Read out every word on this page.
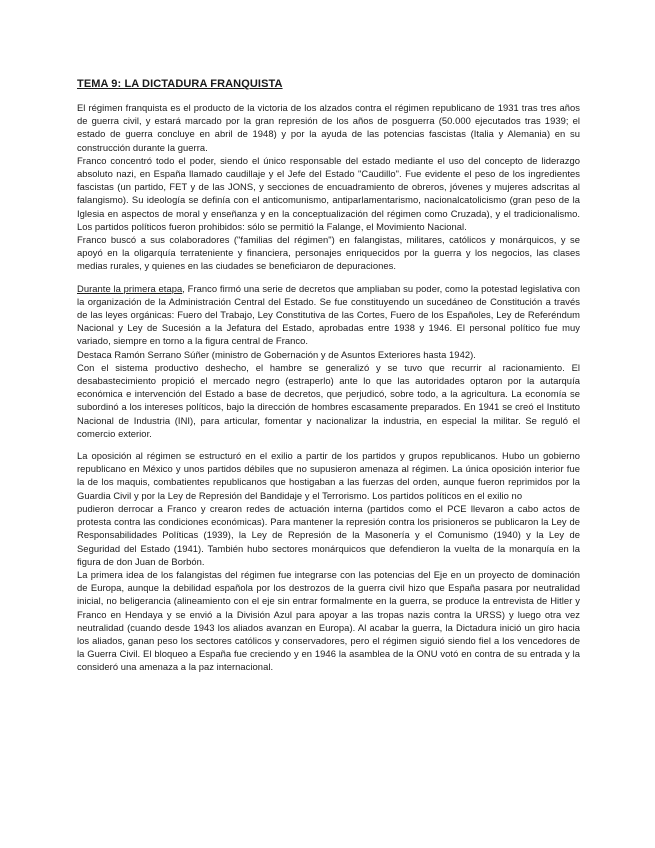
TEMA 9: LA DICTADURA FRANQUISTA

El régimen franquista es el producto de la victoria de los alzados contra el régimen republicano de 1931 tras tres años de guerra civil, y estará marcado por la gran represión de los años de posguerra (50.000 ejecutados tras 1939; el estado de guerra concluye en abril de 1948) y por la ayuda de las potencias fascistas (Italia y Alemania) en su construcción durante la guerra.

Franco concentró todo el poder, siendo el único responsable del estado mediante el uso del concepto de liderazgo absoluto nazi, en España llamado caudillaje y el Jefe del Estado "Caudillo". Fue evidente el peso de los ingredientes fascistas (un partido, FET y de las JONS, y secciones de encuadramiento de obreros, jóvenes y mujeres adscritas al falangismo). Su ideología se definía con el anticomunismo, antiparlamentarismo, nacionalcatolicismo (gran peso de la Iglesia en aspectos de moral y enseñanza y en la conceptualización del régimen como Cruzada), y el tradicionalismo. Los partidos políticos fueron prohibidos: sólo se permitió la Falange, el Movimiento Nacional.

Franco buscó a sus colaboradores ("familias del régimen") en falangistas, militares, católicos y monárquicos, y se apoyó en la oligarquía terrateniente y financiera, personajes enriquecidos por la guerra y los negocios, las clases medias rurales, y quienes en las ciudades se beneficiaron de depuraciones.

Durante la primera etapa, Franco firmó una serie de decretos que ampliaban su poder, como la potestad legislativa con la organización de la Administración Central del Estado. Se fue constituyendo un sucedáneo de Constitución a través de las leyes orgánicas: Fuero del Trabajo, Ley Constitutiva de las Cortes, Fuero de los Españoles, Ley de Referéndum Nacional y Ley de Sucesión a la Jefatura del Estado, aprobadas entre 1938 y 1946. El personal político fue muy variado, siempre en torno a la figura central de Franco.

Destaca Ramón Serrano Súñer (ministro de Gobernación y de Asuntos Exteriores hasta 1942).

Con el sistema productivo deshecho, el hambre se generalizó y se tuvo que recurrir al racionamiento. El desabastecimiento propició el mercado negro (estraperlo) ante lo que las autoridades optaron por la autarquía económica e intervención del Estado a base de decretos, que perjudicó, sobre todo, a la agricultura. La economía se subordinó a los intereses políticos, bajo la dirección de hombres escasamente preparados. En 1941 se creó el Instituto Nacional de Industria (INI), para articular, fomentar y nacionalizar la industria, en especial la militar. Se reguló el comercio exterior.

La oposición al régimen se estructuró en el exilio a partir de los partidos y grupos republicanos. Hubo un gobierno republicano en México y unos partidos débiles que no supusieron amenaza al régimen. La única oposición interior fue la de los maquis, combatientes republicanos que hostigaban a las fuerzas del orden, aunque fueron reprimidos por la Guardia Civil y por la Ley de Represión del Bandidaje y el Terrorismo. Los partidos políticos en el exilio no

pudieron derrocar a Franco y crearon redes de actuación interna (partidos como el PCE llevaron a cabo actos de protesta contra las condiciones económicas). Para mantener la represión contra los prisioneros se publicaron la Ley de Responsabilidades Políticas (1939), la Ley de Represión de la Masonería y el Comunismo (1940) y la Ley de Seguridad del Estado (1941). También hubo sectores monárquicos que defendieron la vuelta de la monarquía en la figura de don Juan de Borbón.

La primera idea de los falangistas del régimen fue integrarse con las potencias del Eje en un proyecto de dominación de Europa, aunque la debilidad española por los destrozos de la guerra civil hizo que España pasara por neutralidad inicial, no beligerancia (alineamiento con el eje sin entrar formalmente en la guerra, se produce la entrevista de Hitler y Franco en Hendaya y se envió a la División Azul para apoyar a las tropas nazis contra la URSS) y luego otra vez neutralidad (cuando desde 1943 los aliados avanzan en Europa). Al acabar la guerra, la Dictadura inició un giro hacia los aliados, ganan peso los sectores católicos y conservadores, pero el régimen siguió siendo fiel a los vencedores de la Guerra Civil. El bloqueo a España fue creciendo y en 1946 la asamblea de la ONU votó en contra de su entrada y la consideró una amenaza a la paz internacional.
